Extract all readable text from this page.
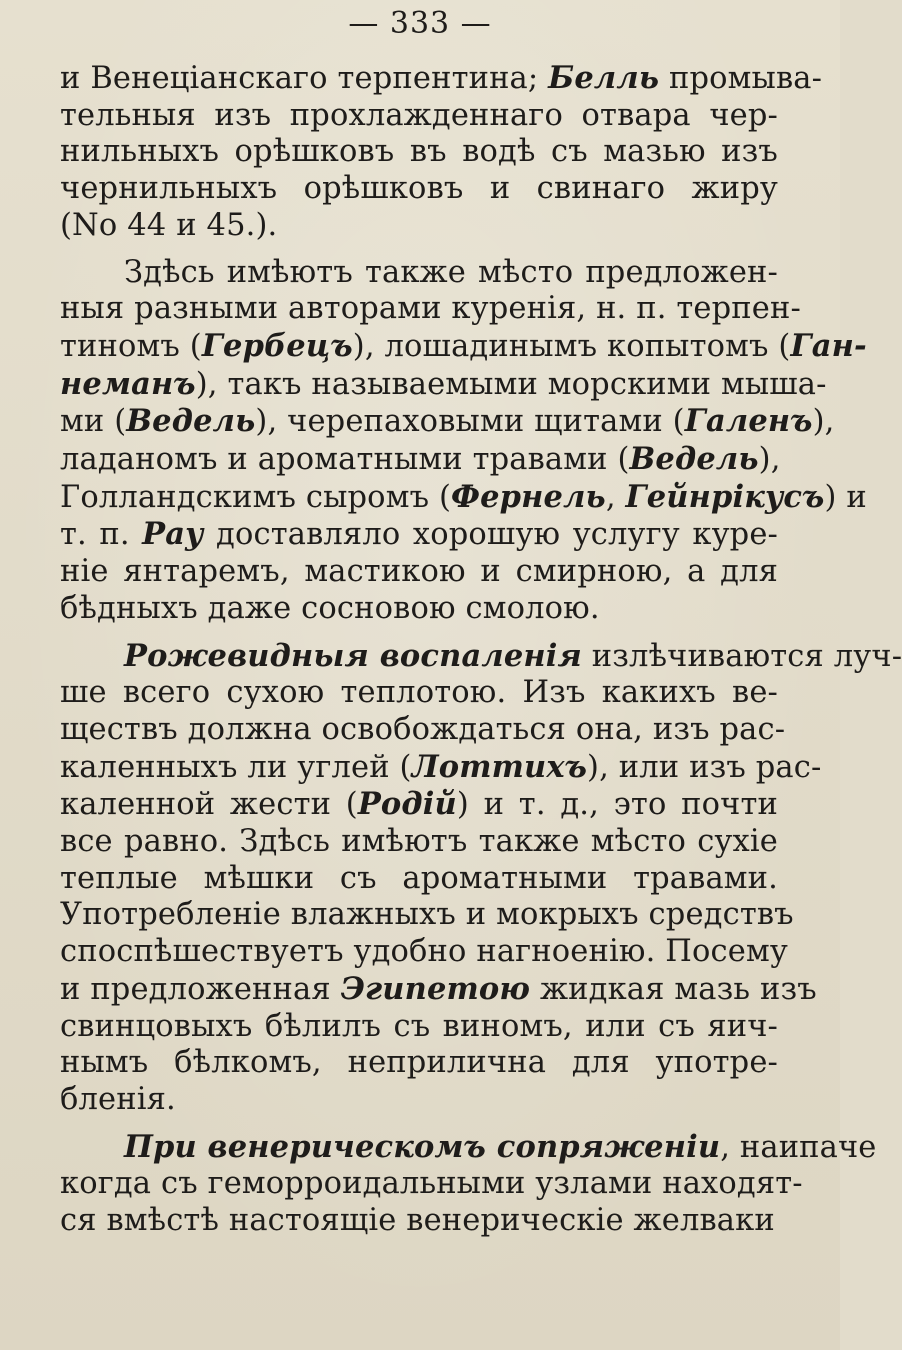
— 333 —
и Венеціанскаго терпентина; Белль промыва-
тельныя изъ прохлажденнаго отвара чер-
нильныхъ орѣшковъ въ водѣ съ мазью изъ
чернильныхъ орѣшковъ и свинаго жиру
(No 44 и 45.).
Здѣсь имѣютъ также мѣсто предложен-
ныя разными авторами куренія, н. п. терпен-
тиномъ (Гербецъ), лошадинымъ копытомъ (Ган-
неманъ), такъ называемыми морскими мыша-
ми (Ведель), черепаховыми щитами (Галенъ),
ладаномъ и ароматными травами (Ведель),
Голландскимъ сыромъ (Фернель, Гейнрікусъ) и
т. п. Рау доставляло хорошую услугу куре-
ніе янтаремъ, мастикою и смирною, а для
бѣдныхъ даже сосновою смолою.
Рожевидныя воспаленія излѣчиваются луч-
ше всего сухою теплотою. Изъ какихъ ве-
ществъ должна освобождаться она, изъ рас-
каленныхъ ли углей (Лоттихъ), или изъ рас-
каленной жести (Родій) и т. д., это почти
все равно. Здѣсь имѣютъ также мѣсто сухіе
теплые мѣшки съ ароматными травами.
Употребленіе влажныхъ и мокрыхъ средствъ
споспѣшествуетъ удобно нагноенію. Посему
и предложенная Эгипетою жидкая мазь изъ
свинцовыхъ бѣлилъ съ виномъ, или съ яич-
нымъ бѣлкомъ, неприлична для употре-
бленія.
При венерическомъ сопряженіи, наипаче
когда съ геморроидальными узлами находят-
ся вмѣстѣ настоящіе венерическіе желваки
